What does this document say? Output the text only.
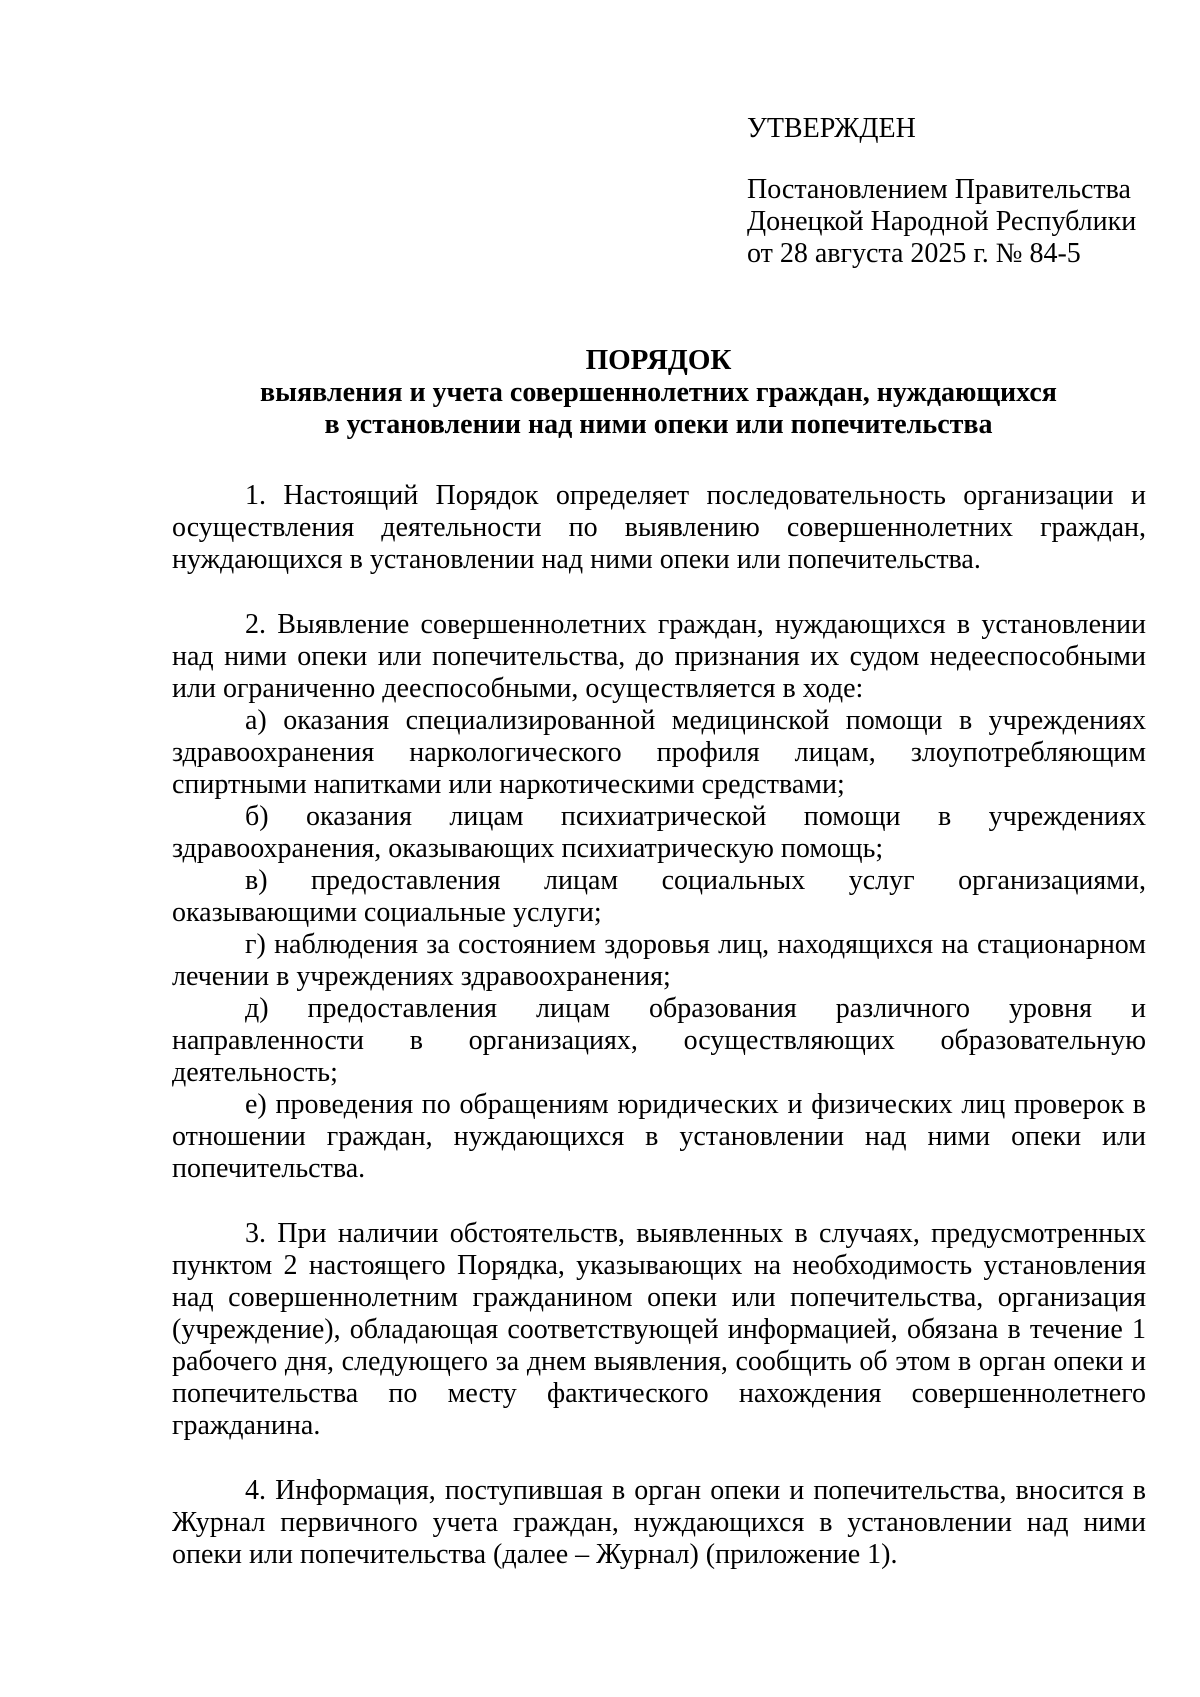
УТВЕРЖДЕН
Постановлением Правительства
Донецкой Народной Республики
от 28 августа 2025 г. № 84-5
ПОРЯДОК
выявления и учета совершеннолетних граждан, нуждающихся
в установлении над ними опеки или попечительства

1. Настоящий Порядок определяет последовательность организации и осуществления деятельности по выявлению совершеннолетних граждан, нуждающихся в установлении над ними опеки или попечительства.

2. Выявление совершеннолетних граждан, нуждающихся в установлении над ними опеки или попечительства, до признания их судом недееспособными или ограниченно дееспособными, осуществляется в ходе:

а) оказания специализированной медицинской помощи в учреждениях здравоохранения наркологического профиля лицам, злоупотребляющим спиртными напитками или наркотическими средствами;

б) оказания лицам психиатрической помощи в учреждениях здравоохранения, оказывающих психиатрическую помощь;

в) предоставления лицам социальных услуг организациями, оказывающими социальные услуги;

г) наблюдения за состоянием здоровья лиц, находящихся на стационарном лечении в учреждениях здравоохранения;

д) предоставления лицам образования различного уровня и направленности в организациях, осуществляющих образовательную деятельность;

е) проведения по обращениям юридических и физических лиц проверок в отношении граждан, нуждающихся в установлении над ними опеки или попечительства.

3. При наличии обстоятельств, выявленных в случаях, предусмотренных пунктом 2 настоящего Порядка, указывающих на необходимость установления над совершеннолетним гражданином опеки или попечительства, организация (учреждение), обладающая соответствующей информацией, обязана в течение 1 рабочего дня, следующего за днем выявления, сообщить об этом в орган опеки и попечительства по месту фактического нахождения совершеннолетнего гражданина.

4. Информация, поступившая в орган опеки и попечительства, вносится в Журнал первичного учета граждан, нуждающихся в установлении над ними опеки или попечительства (далее – Журнал) (приложение 1).
